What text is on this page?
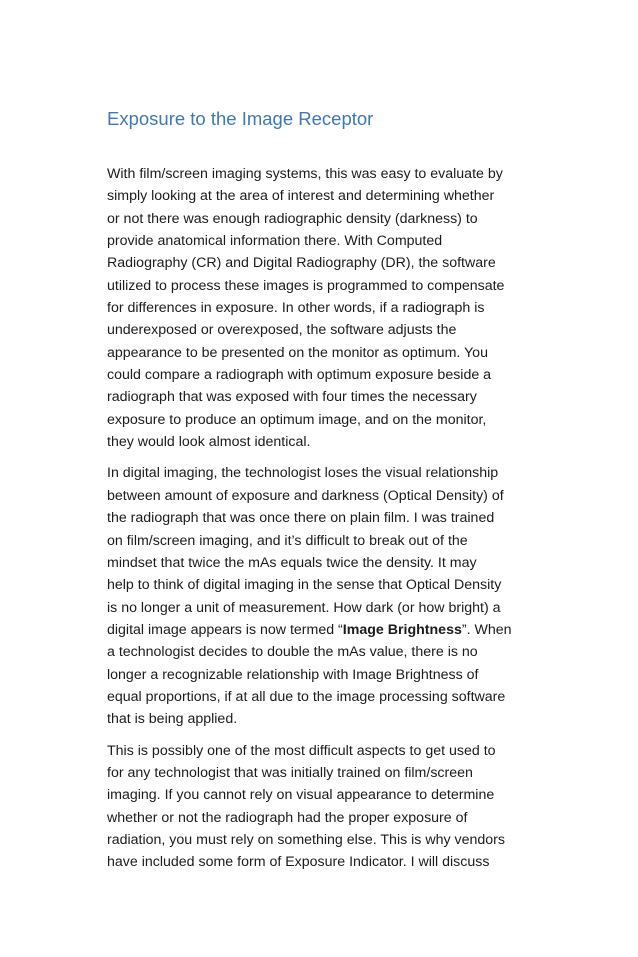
Exposure to the Image Receptor
With film/screen imaging systems, this was easy to evaluate by
simply looking at the area of interest and determining whether
or not there was enough radiographic density (darkness) to
provide anatomical information there. With Computed
Radiography (CR) and Digital Radiography (DR), the software
utilized to process these images is programmed to compensate
for differences in exposure. In other words, if a radiograph is
underexposed or overexposed, the software adjusts the
appearance to be presented on the monitor as optimum. You
could compare a radiograph with optimum exposure beside a
radiograph that was exposed with four times the necessary
exposure to produce an optimum image, and on the monitor,
they would look almost identical.
In digital imaging, the technologist loses the visual relationship
between amount of exposure and darkness (Optical Density) of
the radiograph that was once there on plain film. I was trained
on film/screen imaging, and it’s difficult to break out of the
mindset that twice the mAs equals twice the density. It may
help to think of digital imaging in the sense that Optical Density
is no longer a unit of measurement. How dark (or how bright) a
digital image appears is now termed “Image Brightness”. When
a technologist decides to double the mAs value, there is no
longer a recognizable relationship with Image Brightness of
equal proportions, if at all due to the image processing software
that is being applied.
This is possibly one of the most difficult aspects to get used to
for any technologist that was initially trained on film/screen
imaging. If you cannot rely on visual appearance to determine
whether or not the radiograph had the proper exposure of
radiation, you must rely on something else. This is why vendors
have included some form of Exposure Indicator. I will discuss
